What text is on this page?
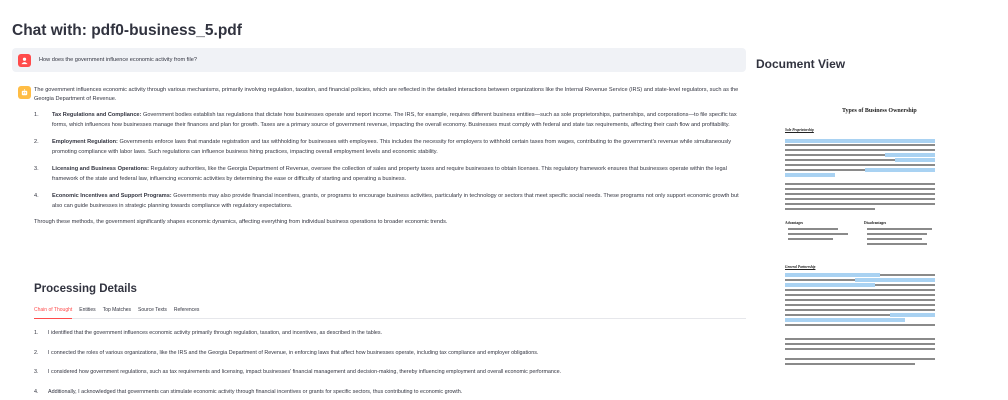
Chat with: pdf0-business_5.pdf
How does the government influence economic activity from file?

The government influences economic activity through various mechanisms, primarily involving regulation, taxation, and financial policies, which are reflected in the detailed interactions between organizations like the Internal Revenue Service (IRS) and state-level regulators, such as the Georgia Department of Revenue.

1. Tax Regulations and Compliance: Government bodies establish tax regulations that dictate how businesses operate and report income. The IRS, for example, requires different business entities—such as sole proprietorships, partnerships, and corporations—to file specific tax forms, which influences how businesses manage their finances and plan for growth. Taxes are a primary source of government revenue, impacting the overall economy. Businesses must comply with federal and state tax requirements, affecting their cash flow and profitability.
2. Employment Regulation: Governments enforce laws that mandate registration and tax withholding for businesses with employees. This includes the necessity for employers to withhold certain taxes from wages, contributing to the government's revenue while simultaneously promoting compliance with labor laws. Such regulations can influence business hiring practices, impacting overall employment levels and economic stability.
3. Licensing and Business Operations: Regulatory authorities, like the Georgia Department of Revenue, oversee the collection of sales and property taxes and require businesses to obtain licenses. This regulatory framework ensures that businesses operate within the legal framework of the state and federal law, influencing economic activities by determining the ease or difficulty of starting and operating a business.
4. Economic Incentives and Support Programs: Governments may also provide financial incentives, grants, or programs to encourage business activities, particularly in technology or sectors that meet specific social needs. These programs not only support economic growth but also can guide businesses in strategic planning towards compliance with regulatory expectations.

Through these methods, the government significantly shapes economic dynamics, affecting everything from individual business operations to broader economic trends.

Processing Details
Chain of Thought Entities Top Matches Source Texts References
1. I identified that the government influences economic activity primarily through regulation, taxation, and incentives, as described in the tables.
2. I connected the roles of various organizations, like the IRS and the Georgia Department of Revenue, in enforcing laws that affect how businesses operate, including tax compliance and employer obligations.
3. I considered how government regulations, such as tax requirements and licensing, impact businesses' financial management and decision-making, thereby influencing employment and overall economic performance.
4. Additionally, I acknowledged that governments can stimulate economic activity through financial incentives or grants for specific sectors, thus contributing to economic growth.
Document View
Types of Business Ownership
Sole Proprietorship
Advantages	Disadvantages
General Partnership
